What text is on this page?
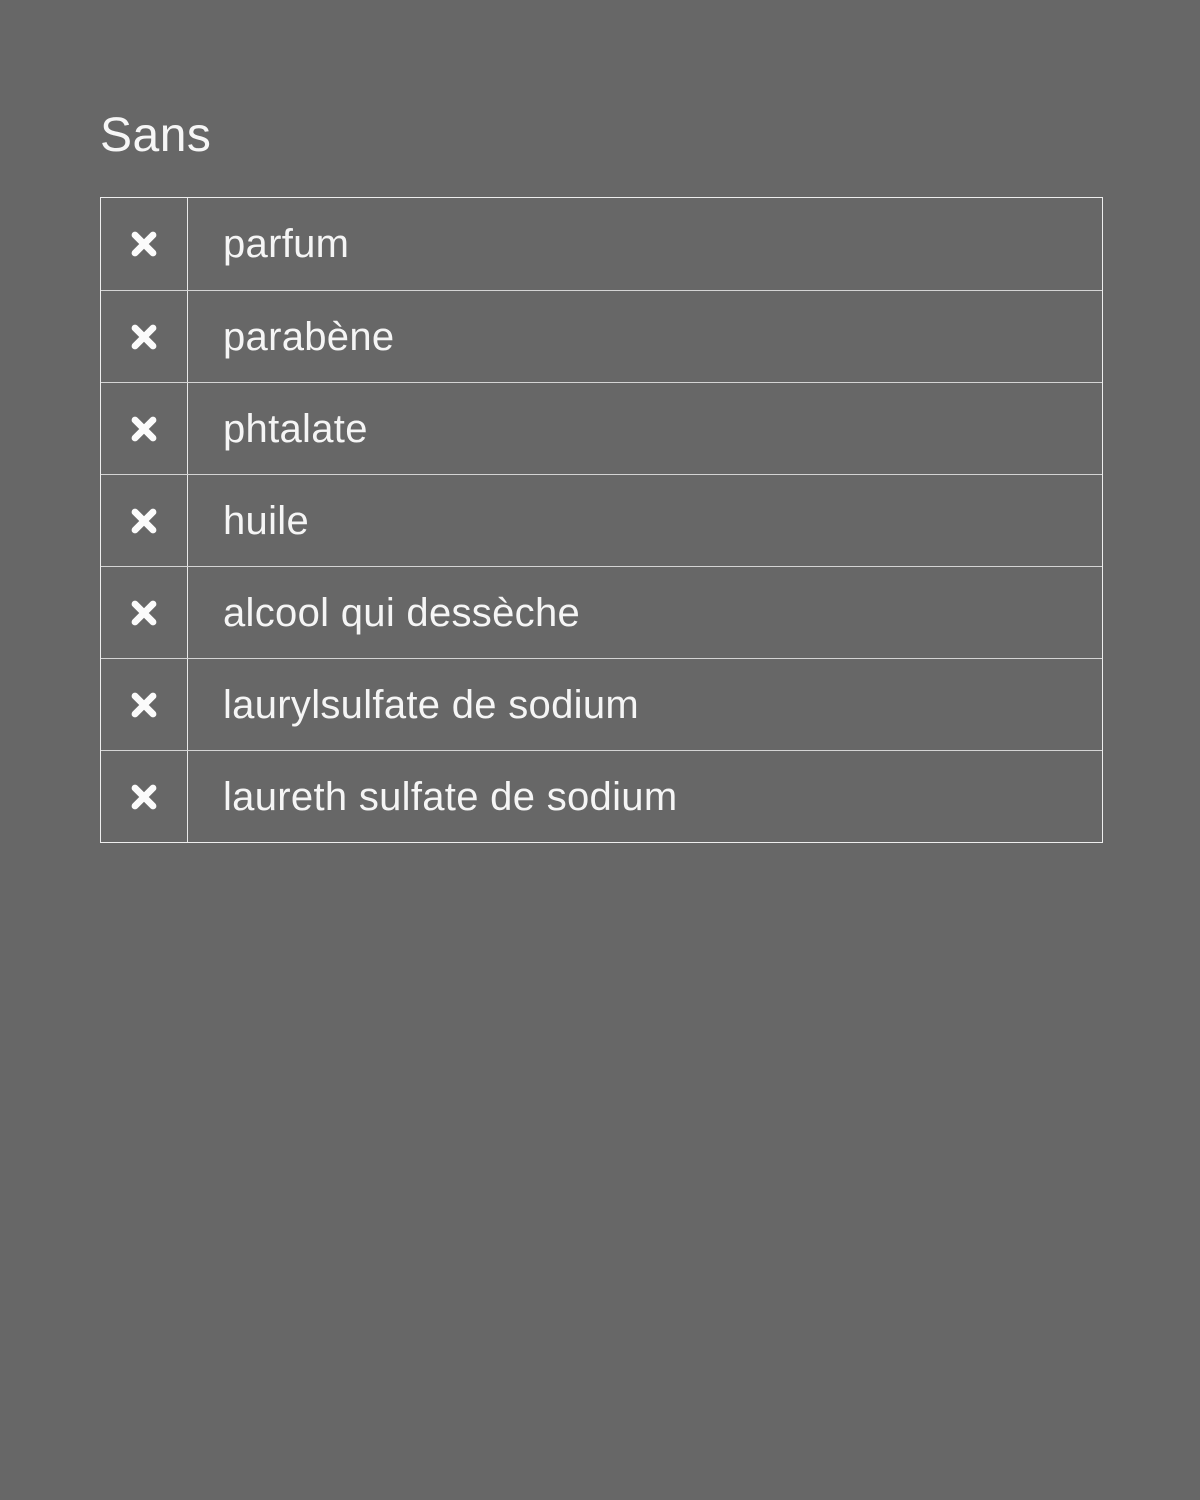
Sans
parfum
parabène
phtalate
huile
alcool qui dessèche
laurylsulfate de sodium
laureth sulfate de sodium
